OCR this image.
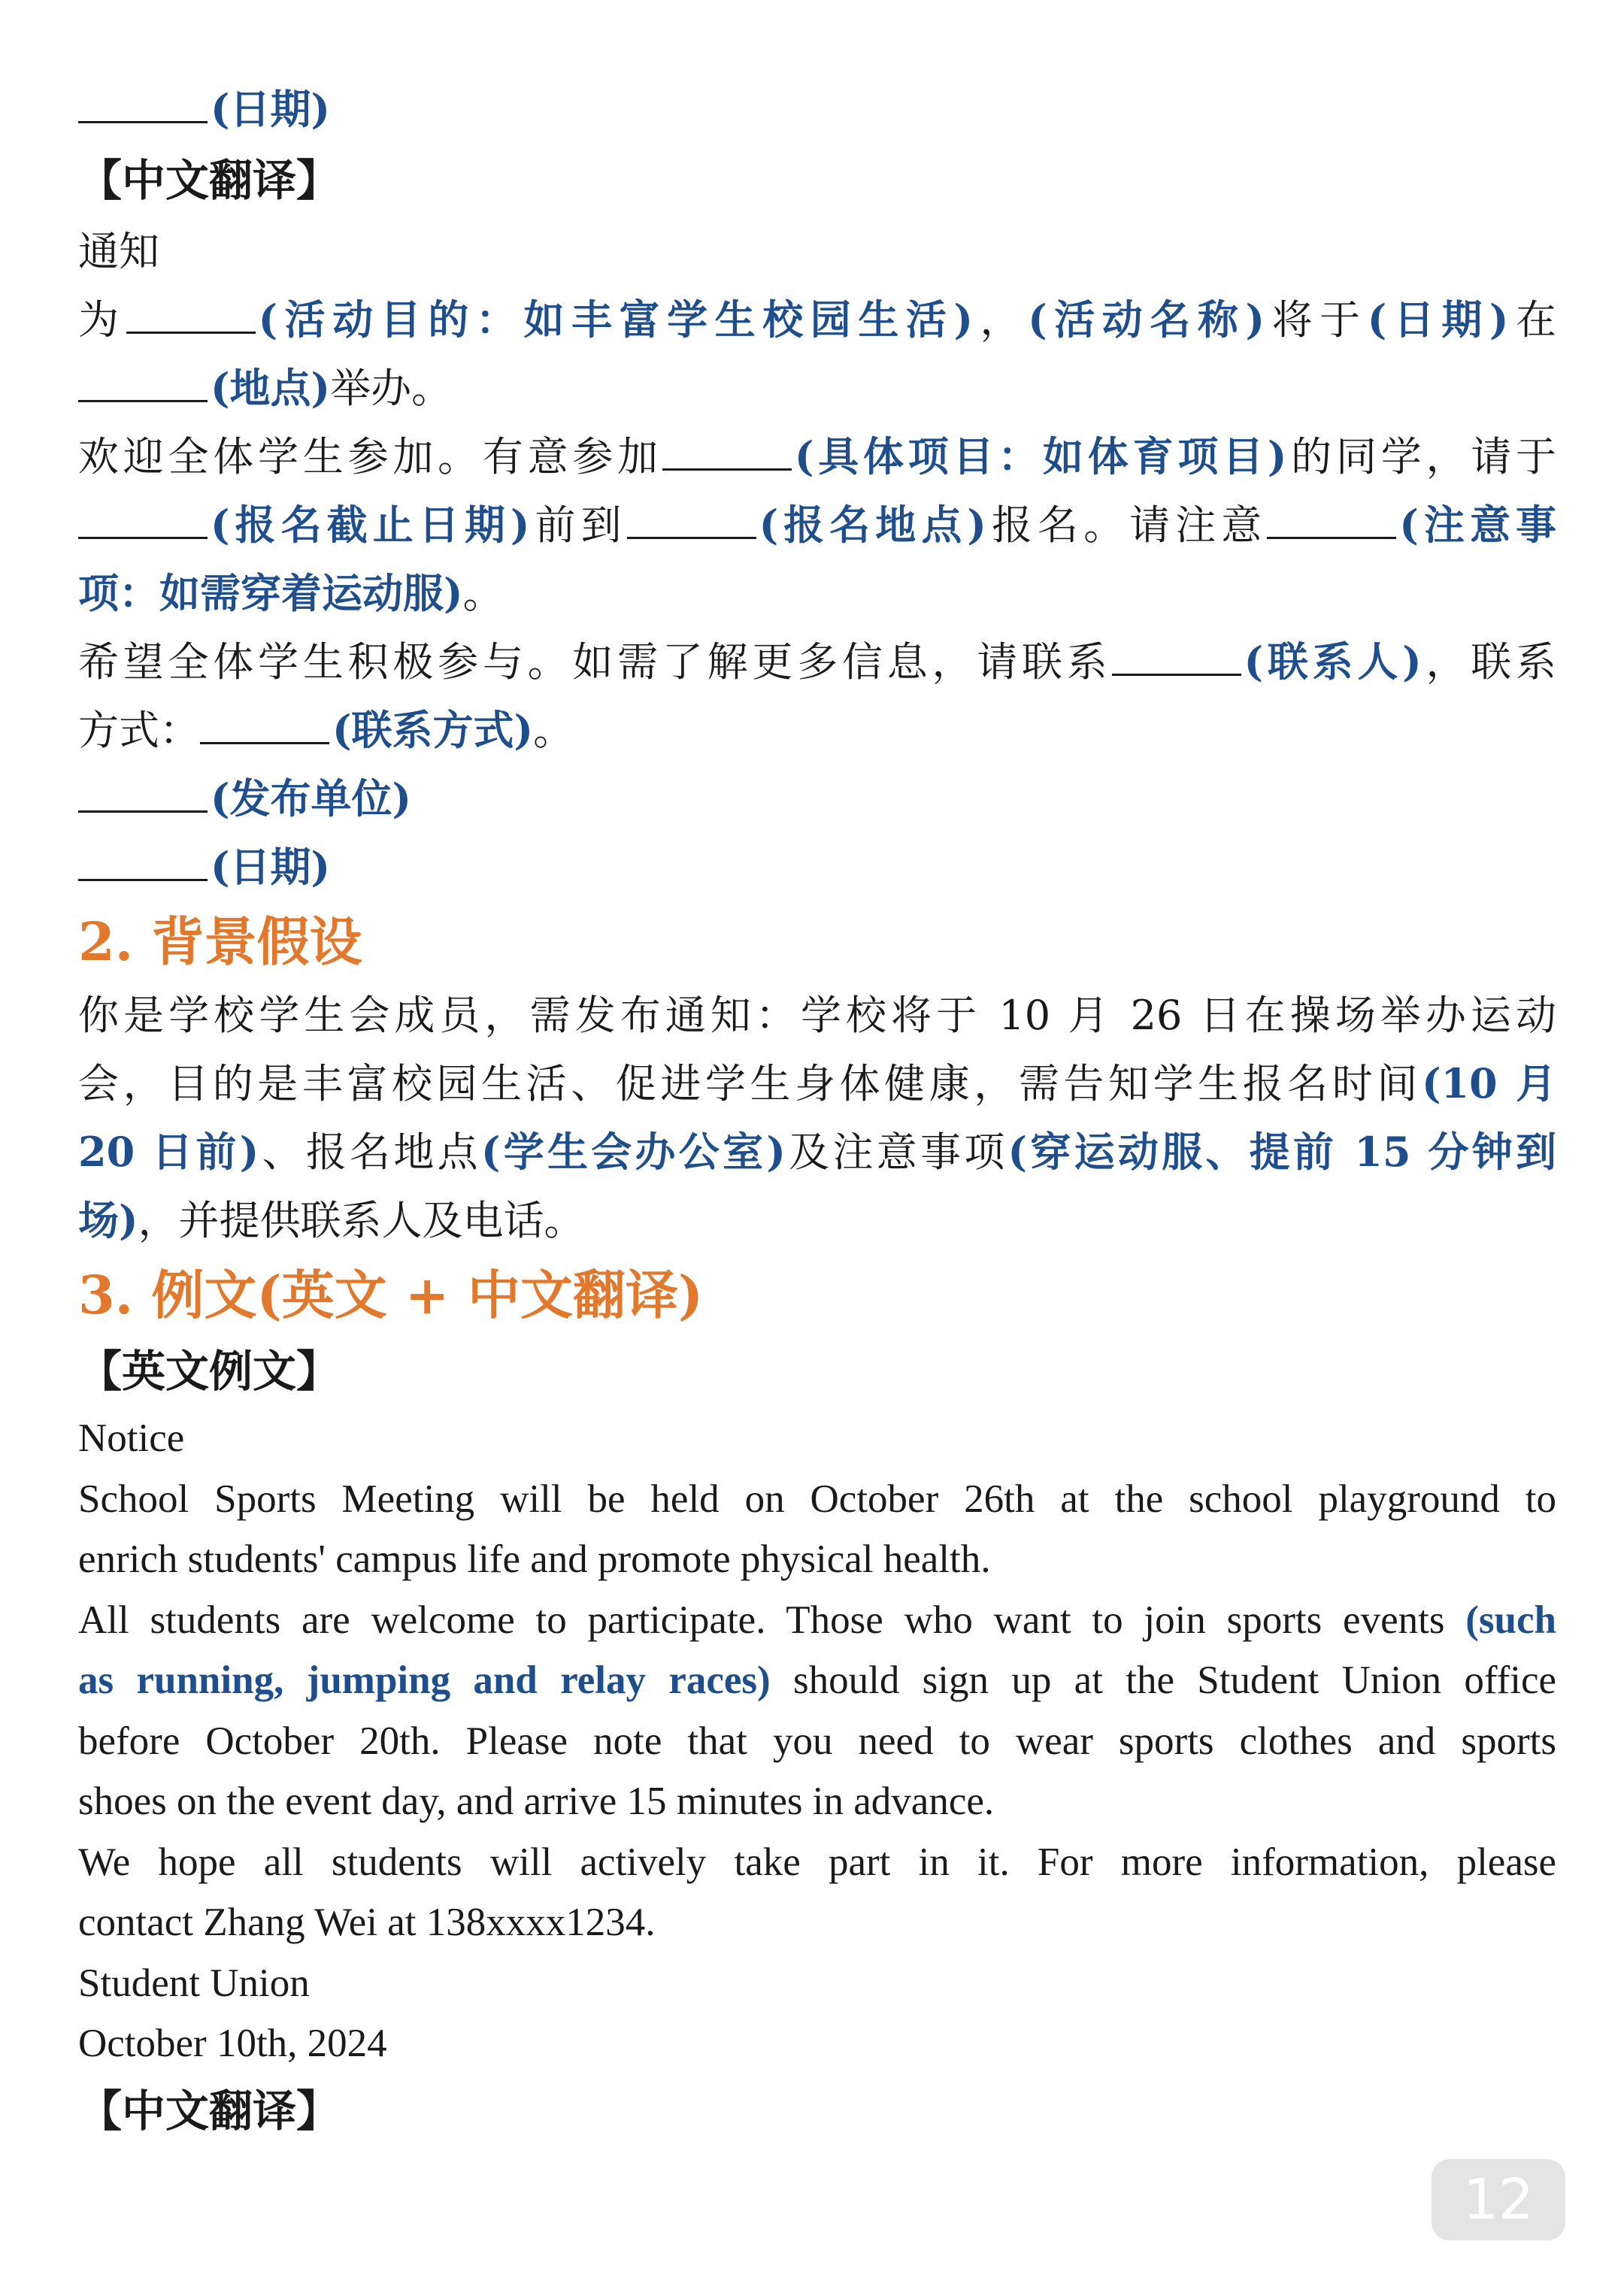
(日期)
【中文翻译】
通知
为	(活动目的：如丰富学生校园生活)，(活动名称)将于(日期)在
(地点)举办。
欢迎全体学生参加。有意参加	(具体项目：如体育项目)的同学，请于
(报名截止日期)前到	(报名地点)报名。请注意	(注意事
项：如需穿着运动服)。
希望全体学生积极参与。如需了解更多信息，请联系	(联系人)，联系
方式：	(联系方式)。
(发布单位)
(日期)
2. 背景假设
你是学校学生会成员，需发布通知：学校将于 10 月 26 日在操场举办运动
会，目的是丰富校园生活、促进学生身体健康，需告知学生报名时间(10 月
20 日前)、报名地点(学生会办公室)及注意事项(穿运动服、提前 15 分钟到
场)，并提供联系人及电话。
3. 例文(英文 + 中文翻译)
【英文例文】
Notice
School Sports Meeting will be held on October 26th at the school playground to
enrich students' campus life and promote physical health.
All students are welcome to participate. Those who want to join sports events (such
as running, jumping and relay races) should sign up at the Student Union office
before October 20th. Please note that you need to wear sports clothes and sports
shoes on the event day, and arrive 15 minutes in advance.
We hope all students will actively take part in it. For more information, please
contact Zhang Wei at 138xxxx1234.
Student Union
October 10th, 2024
【中文翻译】
12
